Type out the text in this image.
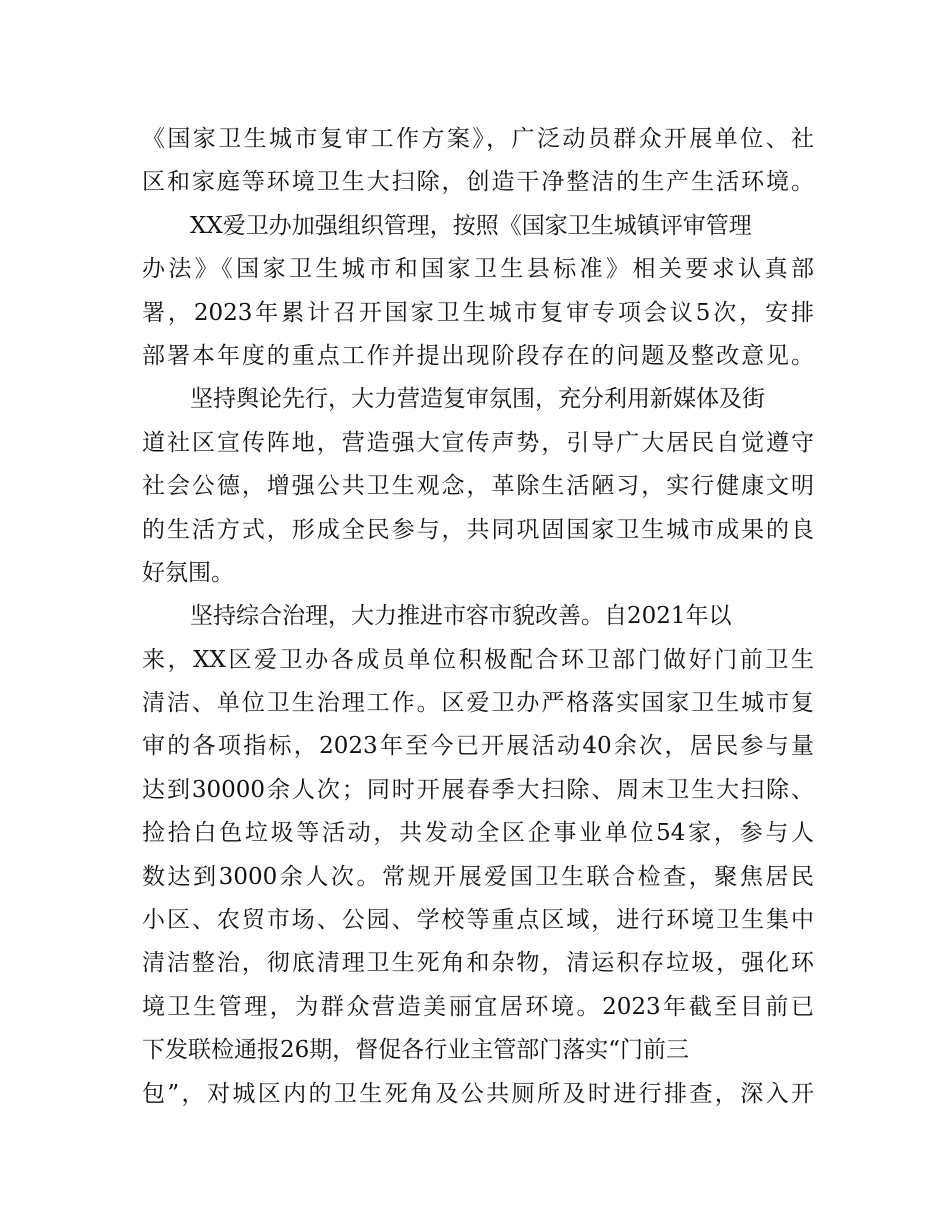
《国家卫生城市复审工作方案》，广泛动员群众开展单位、社
区和家庭等环境卫生大扫除，创造干净整洁的生产生活环境。
XX爱卫办加强组织管理，按照《国家卫生城镇评审管理
办法》《国家卫生城市和国家卫生县标准》相关要求认真部
署，2023年累计召开国家卫生城市复审专项会议5次，安排
部署本年度的重点工作并提出现阶段存在的问题及整改意见。
坚持舆论先行，大力营造复审氛围，充分利用新媒体及街
道社区宣传阵地，营造强大宣传声势，引导广大居民自觉遵守
社会公德，增强公共卫生观念，革除生活陋习，实行健康文明
的生活方式，形成全民参与，共同巩固国家卫生城市成果的良
好氛围。
坚持综合治理，大力推进市容市貌改善。自2021年以
来，XX区爱卫办各成员单位积极配合环卫部门做好门前卫生
清洁、单位卫生治理工作。区爱卫办严格落实国家卫生城市复
审的各项指标，2023年至今已开展活动40余次，居民参与量
达到30000余人次；同时开展春季大扫除、周末卫生大扫除、
捡拾白色垃圾等活动，共发动全区企事业单位54家，参与人
数达到3000余人次。常规开展爱国卫生联合检查，聚焦居民
小区、农贸市场、公园、学校等重点区域，进行环境卫生集中
清洁整治，彻底清理卫生死角和杂物，清运积存垃圾，强化环
境卫生管理，为群众营造美丽宜居环境。2023年截至目前已
下发联检通报26期，督促各行业主管部门落实“门前三
包”，对城区内的卫生死角及公共厕所及时进行排查，深入开
